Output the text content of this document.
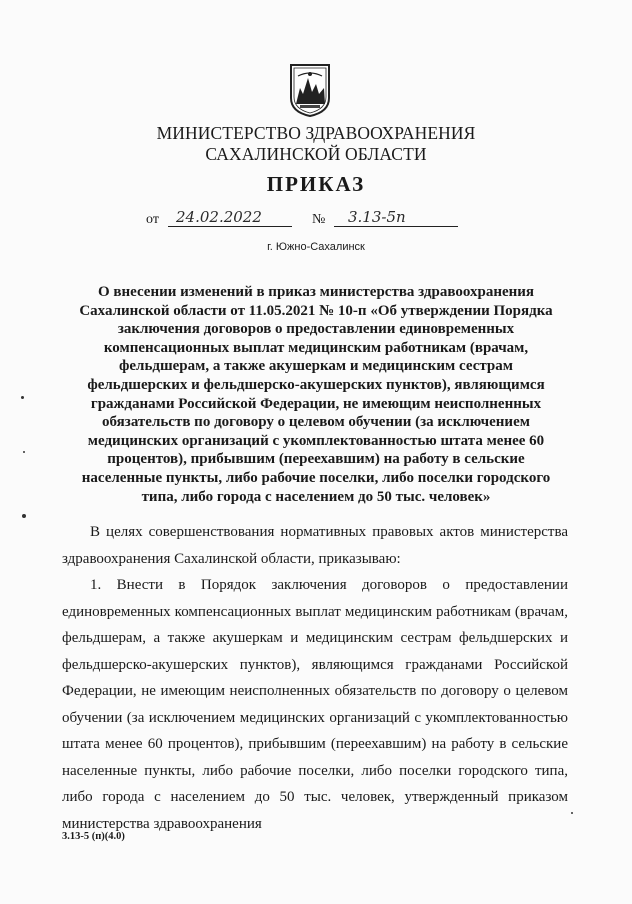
МИНИСТЕРСТВО ЗДРАВООХРАНЕНИЯ
САХАЛИНСКОЙ ОБЛАСТИ
ПРИКАЗ
от	24.02.2022	№	3.13-5п
г. Южно-Сахалинск
О внесении изменений в приказ министерства здравоохранения Сахалинской области от 11.05.2021 № 10-п «Об утверждении Порядка заключения договоров о предоставлении единовременных компенсационных выплат медицинским работникам (врачам, фельдшерам, а также акушеркам и медицинским сестрам фельдшерских и фельдшерско-акушерских пунктов), являющимся гражданами Российской Федерации, не имеющим неисполненных обязательств по договору о целевом обучении (за исключением медицинских организаций с укомплектованностью штата менее 60 процентов), прибывшим (переехавшим) на работу в сельские населенные пункты, либо рабочие поселки, либо поселки городского типа, либо города с населением до 50 тыс. человек»

В целях совершенствования нормативных правовых актов министерства здравоохранения Сахалинской области, приказываю:

1. Внести в Порядок заключения договоров о предоставлении единовременных компенсационных выплат медицинским работникам (врачам, фельдшерам, а также акушеркам и медицинским сестрам фельдшерских и фельдшерско-акушерских пунктов), являющимся гражданами Российской Федерации, не имеющим неисполненных обязательств по договору о целевом обучении (за исключением медицинских организаций с укомплектованностью штата менее 60 процентов), прибывшим (переехавшим) на работу в сельские населенные пункты, либо рабочие поселки, либо поселки городского типа, либо города с населением до 50 тыс. человек, утвержденный приказом министерства здравоохранения

3.13-5 (п)(4.0)
